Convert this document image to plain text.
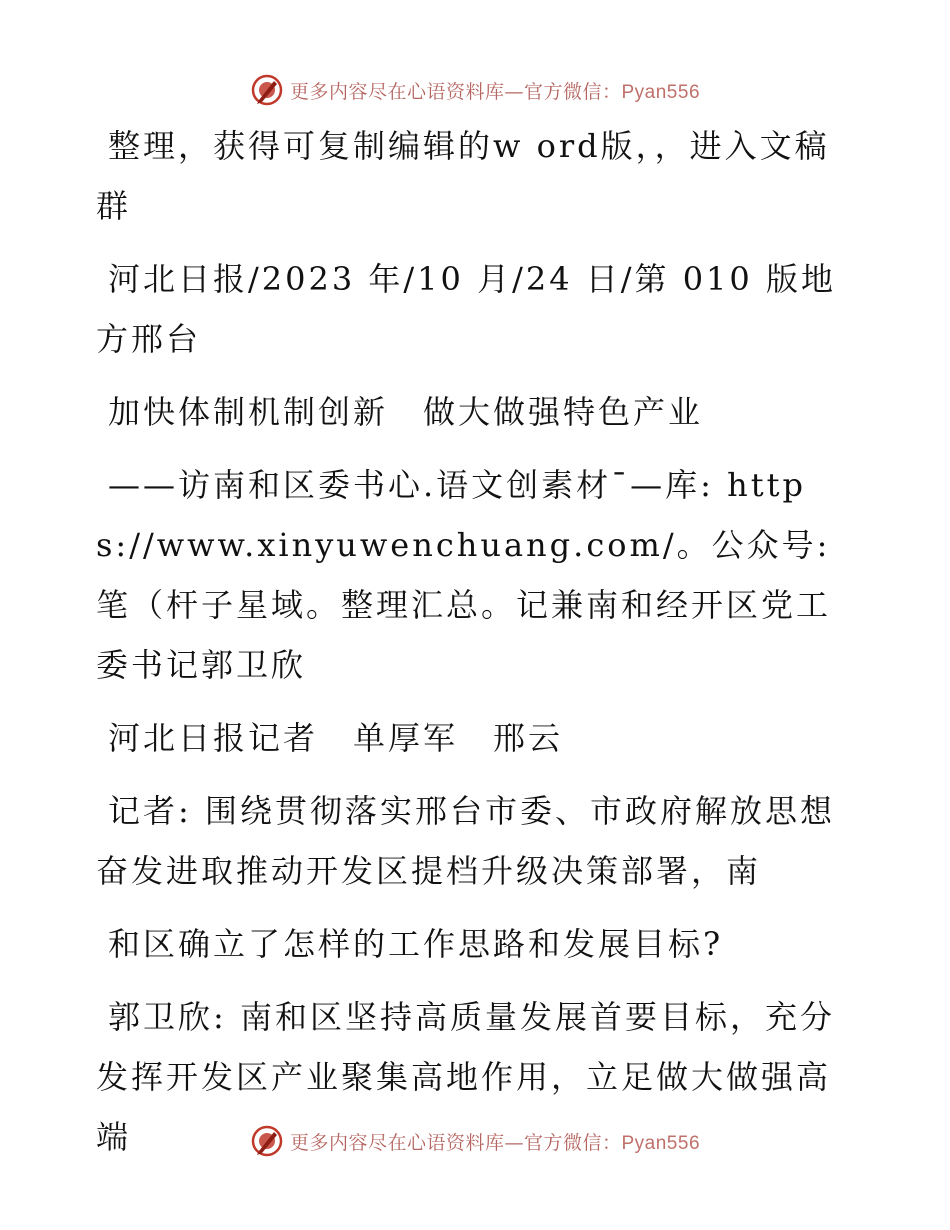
更多内容尽在心语资料库—官方微信：Pyan556

整理，获得可复制编辑的w ord版，，进入文稿群

河北日报/2023 年/10 月/24 日/第 010 版地方邢台

加快体制机制创新　做大做强特色产业

——访南和区委书心.语文创素材¯—库: https://www.xinyuwenchuang.com/。公众号: 笔（杆子星域。整理汇总。记兼南和经开区党工委书记郭卫欣

河北日报记者　单厚军　邢云

记者: 围绕贯彻落实邢台市委、市政府解放思想奋发进取推动开发区提档升级决策部署，南

和区确立了怎样的工作思路和发展目标?

郭卫欣: 南和区坚持高质量发展首要目标，充分发挥开发区产业聚集高地作用，立足做大做强高端	更多内容尽在心语资料库—官方微信：Pyan556
